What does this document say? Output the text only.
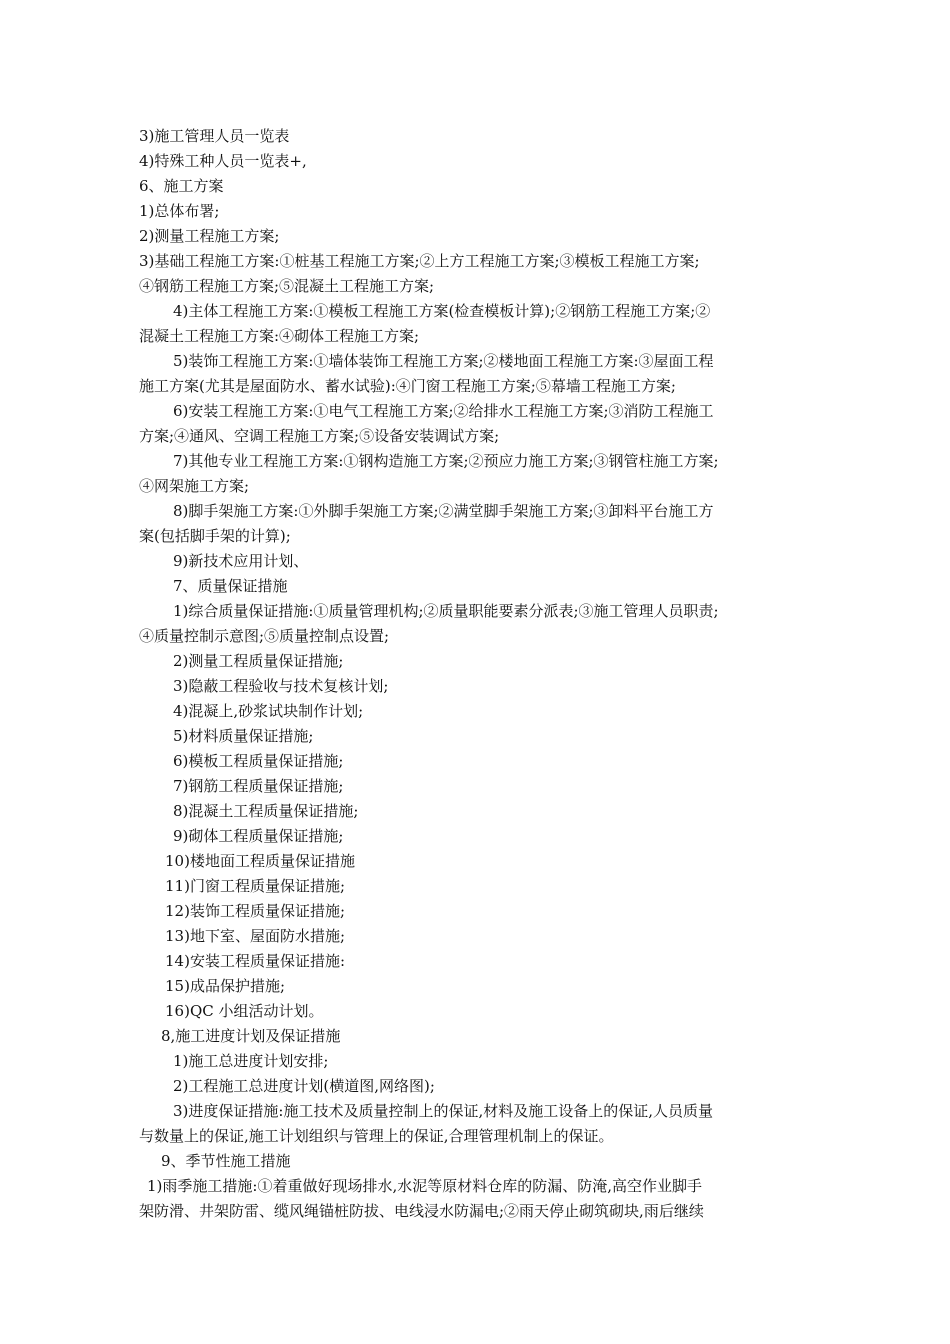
3)施工管理人员一览表
4)特殊工种人员一览表+,
6、施工方案
1)总体布署;
2)测量工程施工方案;
3)基础工程施工方案:①桩基工程施工方案;②上方工程施工方案;③模板工程施工方案;
④钢筋工程施工方案;⑤混凝土工程施工方案;
4)主体工程施工方案:①模板工程施工方案(检查模板计算);②钢筋工程施工方案;②
混凝土工程施工方案:④砌体工程施工方案;
5)装饰工程施工方案:①墙体装饰工程施工方案;②楼地面工程施工方案:③屋面工程
施工方案(尤其是屋面防水、蓄水试验):④门窗工程施工方案;⑤幕墙工程施工方案;
6)安装工程施工方案:①电气工程施工方案;②给排水工程施工方案;③消防工程施工
方案;④通风、空调工程施工方案;⑤设备安装调试方案;
7)其他专业工程施工方案:①钢构造施工方案;②预应力施工方案;③钢管柱施工方案;
④网架施工方案;
8)脚手架施工方案:①外脚手架施工方案;②满堂脚手架施工方案;③卸料平台施工方
案(包括脚手架的计算);
9)新技术应用计划、
7、质量保证措施
1)综合质量保证措施:①质量管理机构;②质量职能要素分派表;③施工管理人员职责;
④质量控制示意图;⑤质量控制点设置;
2)测量工程质量保证措施;
3)隐蔽工程验收与技术复核计划;
4)混凝上,砂浆试块制作计划;
5)材料质量保证措施;
6)模板工程质量保证措施;
7)钢筋工程质量保证措施;
8)混凝土工程质量保证措施;
9)砌体工程质量保证措施;
10)楼地面工程质量保证措施
11)门窗工程质量保证措施;
12)装饰工程质量保证措施;
13)地下室、屋面防水措施;
14)安装工程质量保证措施:
15)成品保护措施;
16)QC 小组活动计划。
8,施工进度计划及保证措施
1)施工总进度计划安排;
2)工程施工总进度计划(横道图,网络图);
3)进度保证措施:施工技术及质量控制上的保证,材料及施工设备上的保证,人员质量
与数量上的保证,施工计划组织与管理上的保证,合理管理机制上的保证。
9、季节性施工措施
1)雨季施工措施:①着重做好现场排水,水泥等原材料仓库的防漏、防淹,高空作业脚手
架防滑、井架防雷、缆风绳锚桩防拔、电线浸水防漏电;②雨天停止砌筑砌块,雨后继续
